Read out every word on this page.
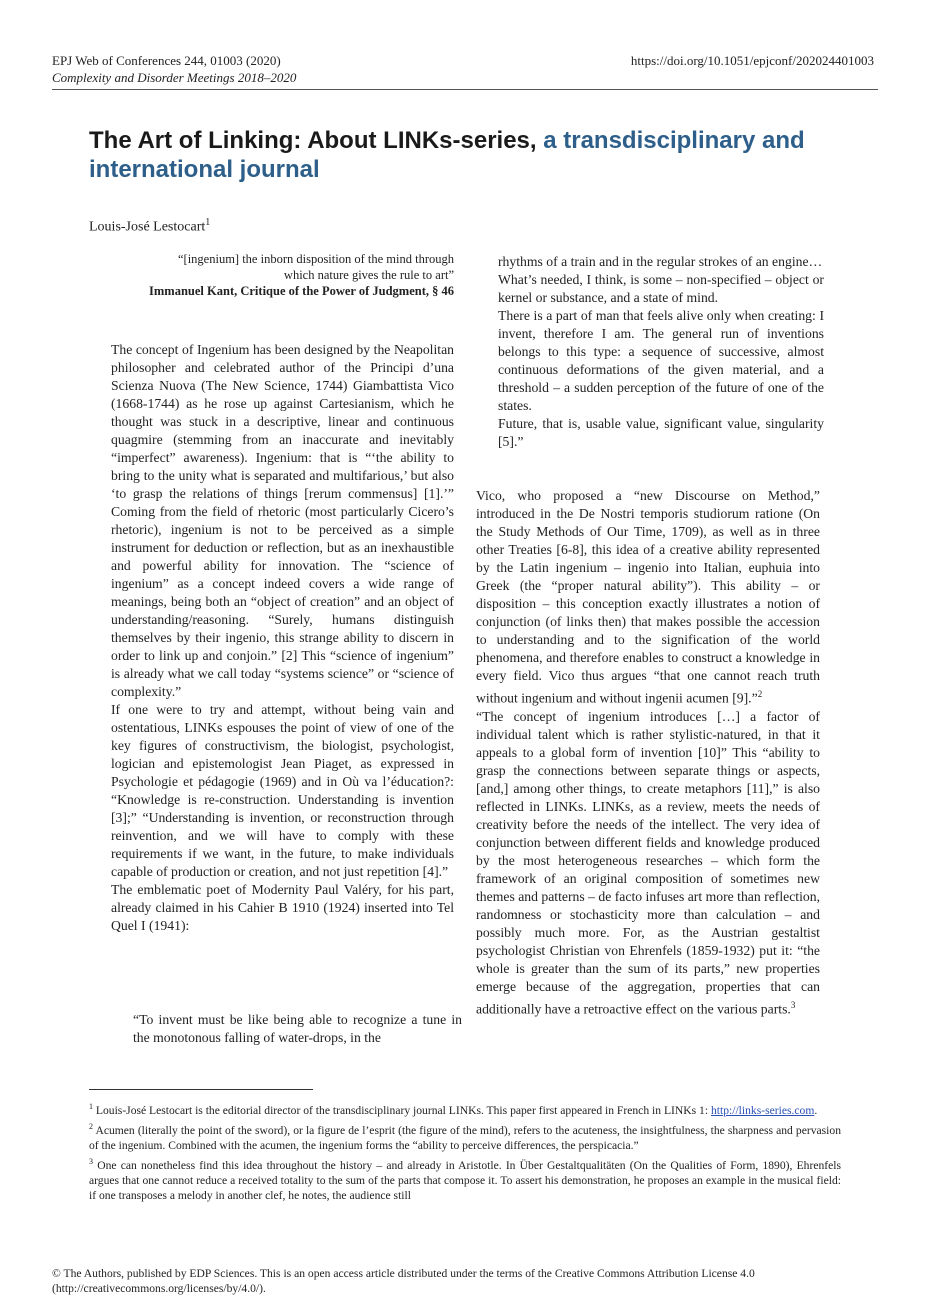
EPJ Web of Conferences 244, 01003 (2020)
Complexity and Disorder Meetings 2018–2020
https://doi.org/10.1051/epjconf/202024401003
The Art of Linking: About LINKs-series, a transdisciplinary and international journal
Louis-José Lestocart$^1$
“[ingenium] the inborn disposition of the mind through
which nature gives the rule to art”
Immanuel Kant, Critique of the Power of Judgment, § 46

The concept of Ingenium has been designed by the Neapolitan philosopher and celebrated author of the Principi d’una Scienza Nuova (The New Science, 1744) Giambattista Vico (1668-1744) as he rose up against Cartesianism, which he thought was stuck in a descriptive, linear and continuous quagmire (stemming from an inaccurate and inevitably “imperfect” awareness). Ingenium: that is “‘the ability to bring to the unity what is separated and multifarious,’ but also ‘to grasp the relations of things [rerum commensus] [1].’” Coming from the field of rhetoric (most particularly Cicero’s rhetoric), ingenium is not to be perceived as a simple instrument for deduction or reflection, but as an inexhaustible and powerful ability for innovation. The “science of ingenium” as a concept indeed covers a wide range of meanings, being both an “object of creation” and an object of understanding/reasoning. “Surely, humans distinguish themselves by their ingenio, this strange ability to discern in order to link up and conjoin.” [2] This “science of ingenium” is already what we call today “systems science” or “science of complexity.”

If one were to try and attempt, without being vain and ostentatious, LINKs espouses the point of view of one of the key figures of constructivism, the biologist, psychologist, logician and epistemologist Jean Piaget, as expressed in Psychologie et pédagogie (1969) and in Où va l’éducation?: “Knowledge is re-construction. Understanding is invention [3];” “Understanding is invention, or reconstruction through reinvention, and we will have to comply with these requirements if we want, in the future, to make individuals capable of production or creation, and not just repetition [4].”

The emblematic poet of Modernity Paul Valéry, for his part, already claimed in his Cahier B 1910 (1924) inserted into Tel Quel I (1941):

“To invent must be like being able to recognize a tune in the monotonous falling of water-drops, in the

rhythms of a train and in the regular strokes of an engine…

What’s needed, I think, is some – non-specified – object or kernel or substance, and a state of mind.

There is a part of man that feels alive only when creating: I invent, therefore I am. The general run of inventions belongs to this type: a sequence of successive, almost continuous deformations of the given material, and a threshold – a sudden perception of the future of one of the states.

Future, that is, usable value, significant value, singularity [5].”

Vico, who proposed a “new Discourse on Method,” introduced in the De Nostri temporis studiorum ratione (On the Study Methods of Our Time, 1709), as well as in three other Treaties [6-8], this idea of a creative ability represented by the Latin ingenium – ingenio into Italian, euphuia into Greek (the “proper natural ability”). This ability – or disposition – this conception exactly illustrates a notion of conjunction (of links then) that makes possible the accession to understanding and to the signification of the world phenomena, and therefore enables to construct a knowledge in every field. Vico thus argues “that one cannot reach truth without ingenium and without ingenii acumen [9].”$^2$

“The concept of ingenium introduces […] a factor of individual talent which is rather stylistic-natured, in that it appeals to a global form of invention [10]” This “ability to grasp the connections between separate things or aspects, [and,] among other things, to create metaphors [11],” is also reflected in LINKs. LINKs, as a review, meets the needs of creativity before the needs of the intellect. The very idea of conjunction between different fields and knowledge produced by the most heterogeneous researches – which form the framework of an original composition of sometimes new themes and patterns – de facto infuses art more than reflection, randomness or stochasticity more than calculation – and possibly much more. For, as the Austrian gestaltist psychologist Christian von Ehrenfels (1859-1932) put it: “the whole is greater than the sum of its parts,” new properties emerge because of the aggregation, properties that can additionally have a retroactive effect on the various parts.$^3$

$^1$ Louis-José Lestocart is the editorial director of the transdisciplinary journal LINKs. This paper first appeared in French in LINKs 1: http://links-series.com.

$^2$ Acumen (literally the point of the sword), or la figure de l’esprit (the figure of the mind), refers to the acuteness, the insightfulness, the sharpness and pervasion of the ingenium. Combined with the acumen, the ingenium forms the “ability to perceive differences, the perspicacia.”

$^3$ One can nonetheless find this idea throughout the history – and already in Aristotle. In Über Gestaltqualitäten (On the Qualities of Form, 1890), Ehrenfels argues that one cannot reduce a received totality to the sum of the parts that compose it. To assert his demonstration, he proposes an example in the musical field: if one transposes a melody in another clef, he notes, the audience still

© The Authors, published by EDP Sciences. This is an open access article distributed under the terms of the Creative Commons Attribution License 4.0 (http://creativecommons.org/licenses/by/4.0/).
